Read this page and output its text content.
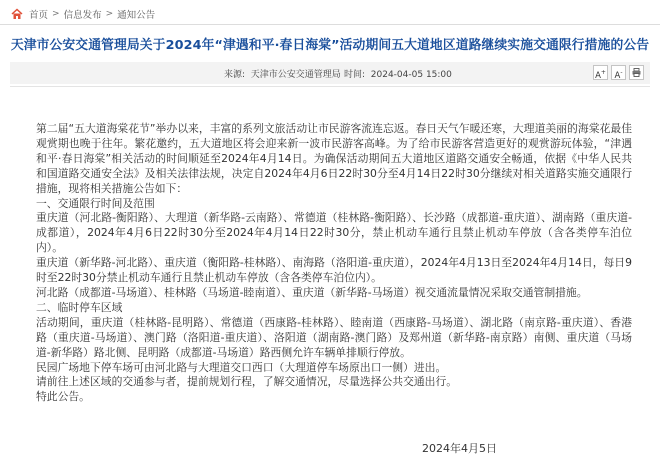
首页 > 信息发布 > 通知公告
天津市公安交通管理局关于2024年“津遇和平·春日海棠”活动期间五大道地区道路继续实施交通限行措施的公告
来源: 天津市公安交通管理局 时间: 2024-04-05 15:00	A+	A-

第二届“五大道海棠花节”举办以来，丰富的系列文旅活动让市民游客流连忘返。春日天气乍暖还寒，大理道美丽的海棠花最佳观赏期也晚于往年。繁花邀约，五大道地区将会迎来新一波市民游客高峰。为了给市民游客营造更好的观赏游玩体验，“津遇和平·春日海棠”相关活动的时间顺延至2024年4月14日。为确保活动期间五大道地区道路交通安全畅通，依据《中华人民共和国道路交通安全法》及相关法律法规，决定自2024年4月6日22时30分至4月14日22时30分继续对相关道路实施交通限行措施，现将相关措施公告如下：

一、交通限行时间及范围

重庆道（河北路-衡阳路）、大理道（新华路-云南路）、常德道（桂林路-衡阳路）、长沙路（成都道-重庆道）、湖南路（重庆道-成都道），2024年4月6日22时30分至2024年4月14日22时30分，禁止机动车通行且禁止机动车停放（含各类停车泊位内）。

重庆道（新华路-河北路）、重庆道（衡阳路-桂林路）、南海路（洛阳道-重庆道），2024年4月13日至2024年4月14日，每日9时至22时30分禁止机动车通行且禁止机动车停放（含各类停车泊位内）。

河北路（成都道-马场道）、桂林路（马场道-睦南道）、重庆道（新华路-马场道）视交通流量情况采取交通管制措施。

二、临时停车区域

活动期间，重庆道（桂林路-昆明路）、常德道（西康路-桂林路）、睦南道（西康路-马场道）、湖北路（南京路-重庆道）、香港路（重庆道-马场道）、澳门路（洛阳道-重庆道）、洛阳道（湖南路-澳门路）及郑州道（新华路-南京路）南侧、重庆道（马场道-新华路）路北侧、昆明路（成都道-马场道）路西侧允许车辆单排顺行停放。

民园广场地下停车场可由河北路与大理道交口西口（大理道停车场原出口一侧）进出。

请前往上述区域的交通参与者，提前规划行程，了解交通情况，尽量选择公共交通出行。

特此公告。

2024年4月5日
